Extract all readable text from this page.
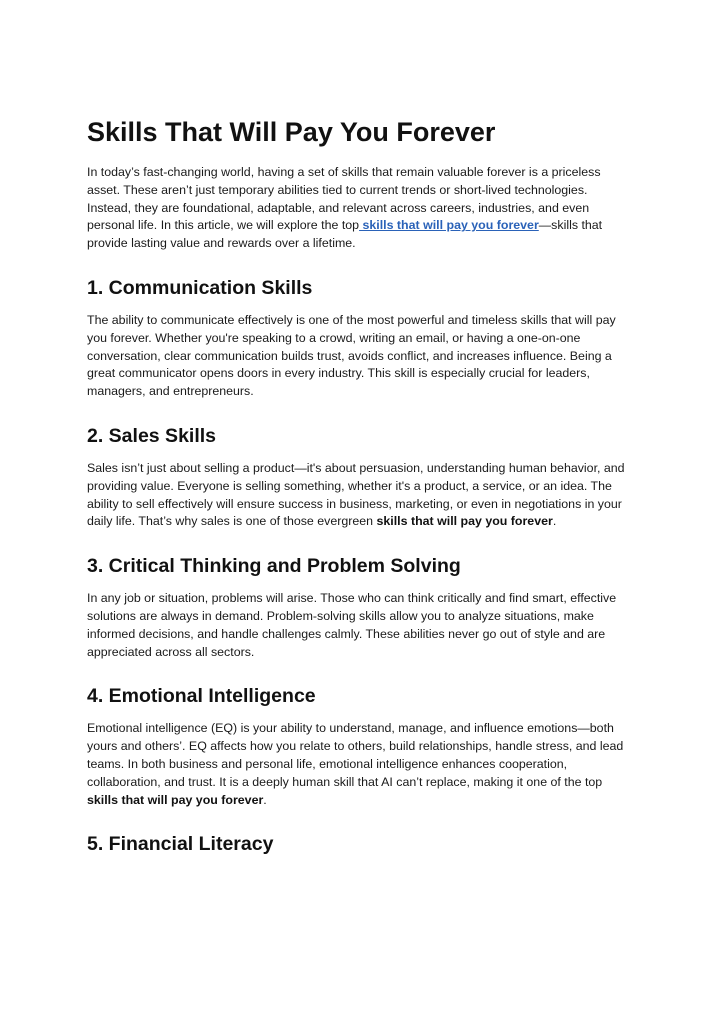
Skills That Will Pay You Forever

In today’s fast-changing world, having a set of skills that remain valuable forever is a priceless asset. These aren’t just temporary abilities tied to current trends or short-lived technologies. Instead, they are foundational, adaptable, and relevant across careers, industries, and even personal life. In this article, we will explore the top skills that will pay you forever—skills that provide lasting value and rewards over a lifetime.

1. Communication Skills

The ability to communicate effectively is one of the most powerful and timeless skills that will pay you forever. Whether you're speaking to a crowd, writing an email, or having a one-on-one conversation, clear communication builds trust, avoids conflict, and increases influence. Being a great communicator opens doors in every industry. This skill is especially crucial for leaders, managers, and entrepreneurs.

2. Sales Skills

Sales isn’t just about selling a product—it's about persuasion, understanding human behavior, and providing value. Everyone is selling something, whether it's a product, a service, or an idea. The ability to sell effectively will ensure success in business, marketing, or even in negotiations in your daily life. That’s why sales is one of those evergreen skills that will pay you forever.

3. Critical Thinking and Problem Solving

In any job or situation, problems will arise. Those who can think critically and find smart, effective solutions are always in demand. Problem-solving skills allow you to analyze situations, make informed decisions, and handle challenges calmly. These abilities never go out of style and are appreciated across all sectors.

4. Emotional Intelligence

Emotional intelligence (EQ) is your ability to understand, manage, and influence emotions—both yours and others’. EQ affects how you relate to others, build relationships, handle stress, and lead teams. In both business and personal life, emotional intelligence enhances cooperation, collaboration, and trust. It is a deeply human skill that AI can’t replace, making it one of the top skills that will pay you forever.

5. Financial Literacy
